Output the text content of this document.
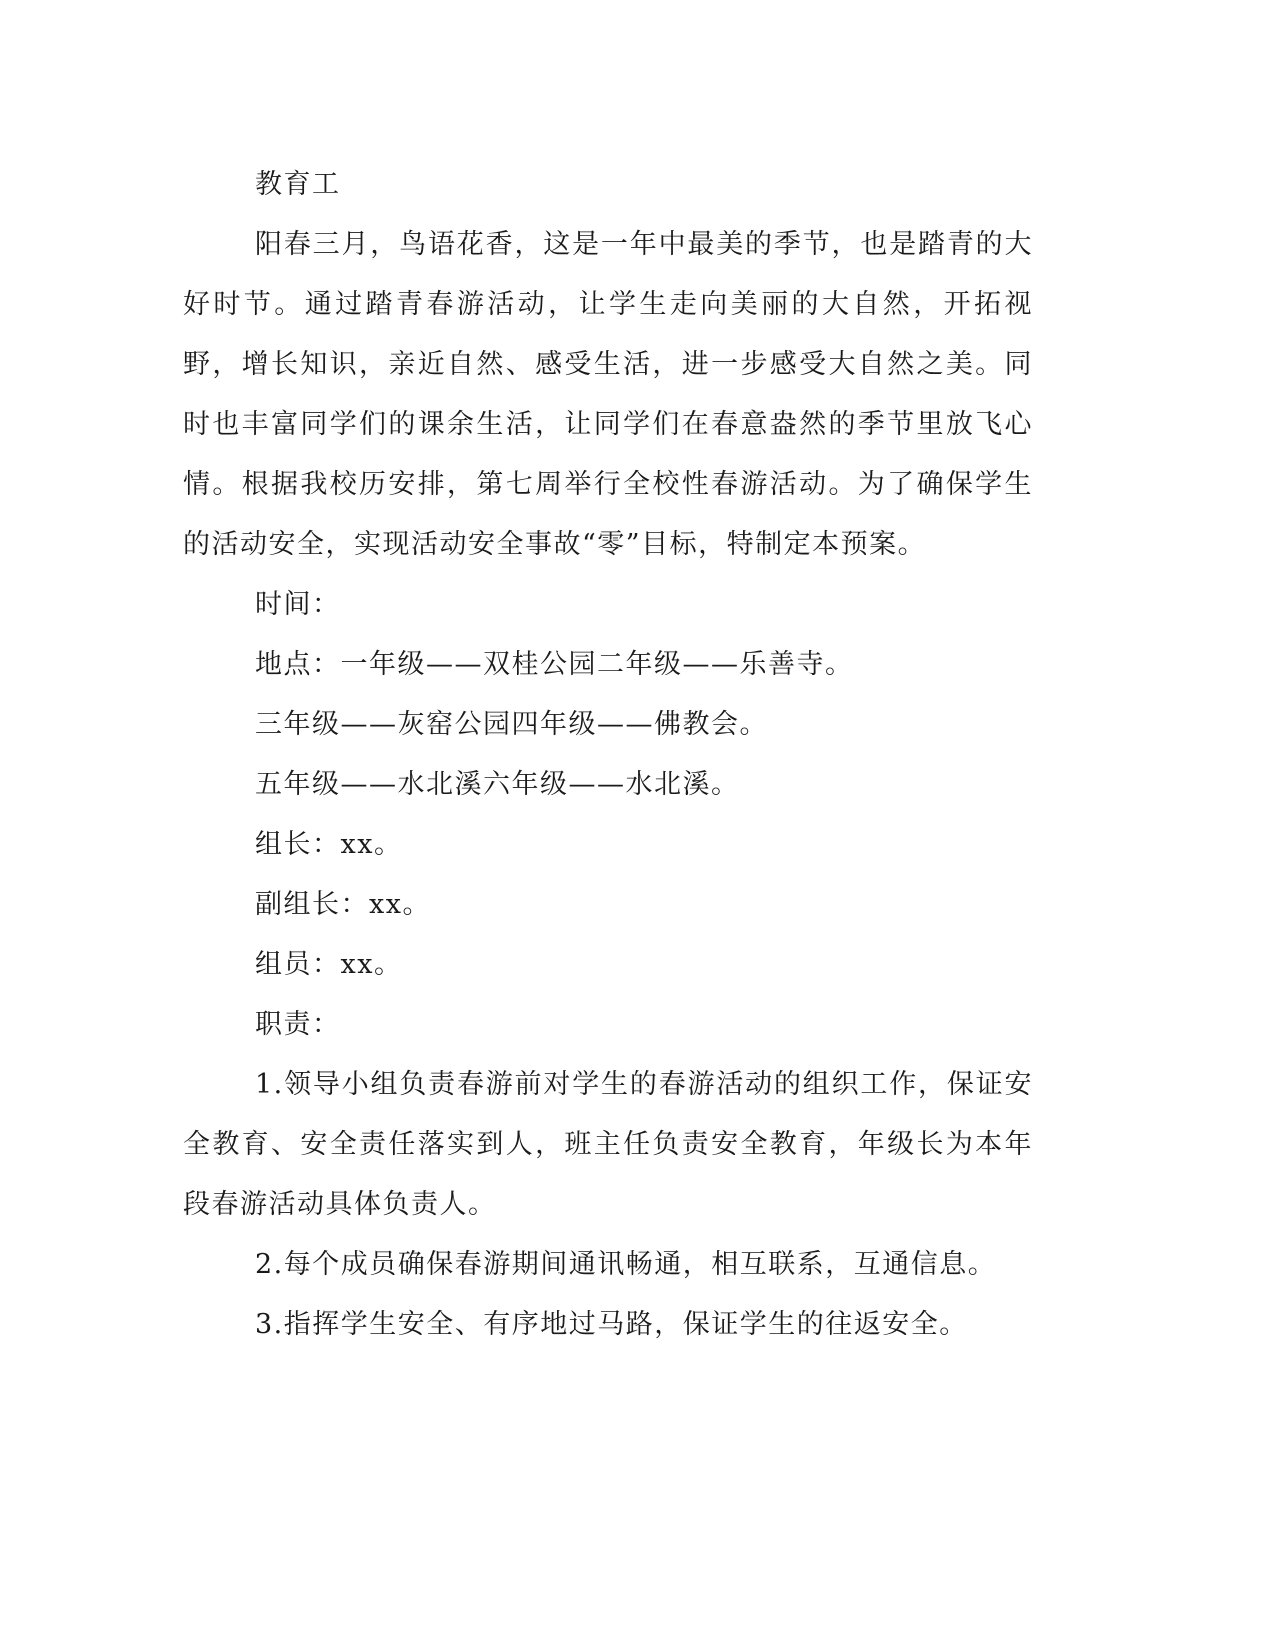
教育工

阳春三月，鸟语花香，这是一年中最美的季节，也是踏青的大好时节。通过踏青春游活动，让学生走向美丽的大自然，开拓视野，增长知识，亲近自然、感受生活，进一步感受大自然之美。同时也丰富同学们的课余生活，让同学们在春意盎然的季节里放飞心情。根据我校历安排，第七周举行全校性春游活动。为了确保学生的活动安全，实现活动安全事故“零”目标，特制定本预案。

时间：

地点：一年级——双桂公园二年级——乐善寺。

三年级——灰窑公园四年级——佛教会。

五年级——水北溪六年级——水北溪。

组长：xx。

副组长：xx。

组员：xx。

职责：

1.领导小组负责春游前对学生的春游活动的组织工作，保证安全教育、安全责任落实到人，班主任负责安全教育，年级长为本年段春游活动具体负责人。

2.每个成员确保春游期间通讯畅通，相互联系，互通信息。

3.指挥学生安全、有序地过马路，保证学生的往返安全。
